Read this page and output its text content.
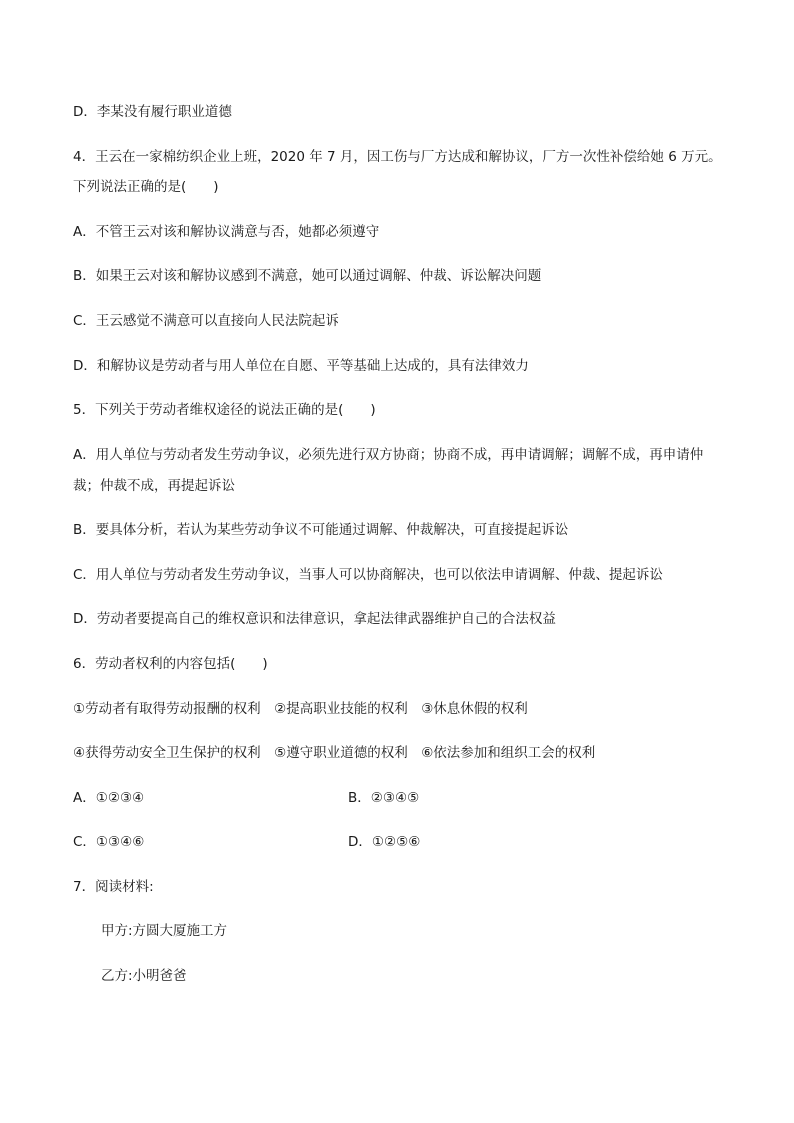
D．李某没有履行职业道德
4．王云在一家棉纺织企业上班，2020 年 7 月，因工伤与厂方达成和解协议，厂方一次性补偿给她 6 万元。
下列说法正确的是(　　)
A．不管王云对该和解协议满意与否，她都必须遵守
B．如果王云对该和解协议感到不满意，她可以通过调解、仲裁、诉讼解决问题
C．王云感觉不满意可以直接向人民法院起诉
D．和解协议是劳动者与用人单位在自愿、平等基础上达成的，具有法律效力
5．下列关于劳动者维权途径的说法正确的是(　　)
A．用人单位与劳动者发生劳动争议，必须先进行双方协商；协商不成，再申请调解；调解不成，再申请仲
裁；仲裁不成，再提起诉讼
B．要具体分析，若认为某些劳动争议不可能通过调解、仲裁解决，可直接提起诉讼
C．用人单位与劳动者发生劳动争议，当事人可以协商解决，也可以依法申请调解、仲裁、提起诉讼
D．劳动者要提高自己的维权意识和法律意识，拿起法律武器维护自己的合法权益
6．劳动者权利的内容包括(　　)
①劳动者有取得劳动报酬的权利　②提高职业技能的权利　③休息休假的权利
④获得劳动安全卫生保护的权利　⑤遵守职业道德的权利　⑥依法参加和组织工会的权利
A．①②③④	B．②③④⑤
C．①③④⑥	D．①②⑤⑥
7．阅读材料:
甲方:方圆大厦施工方
乙方:小明爸爸
